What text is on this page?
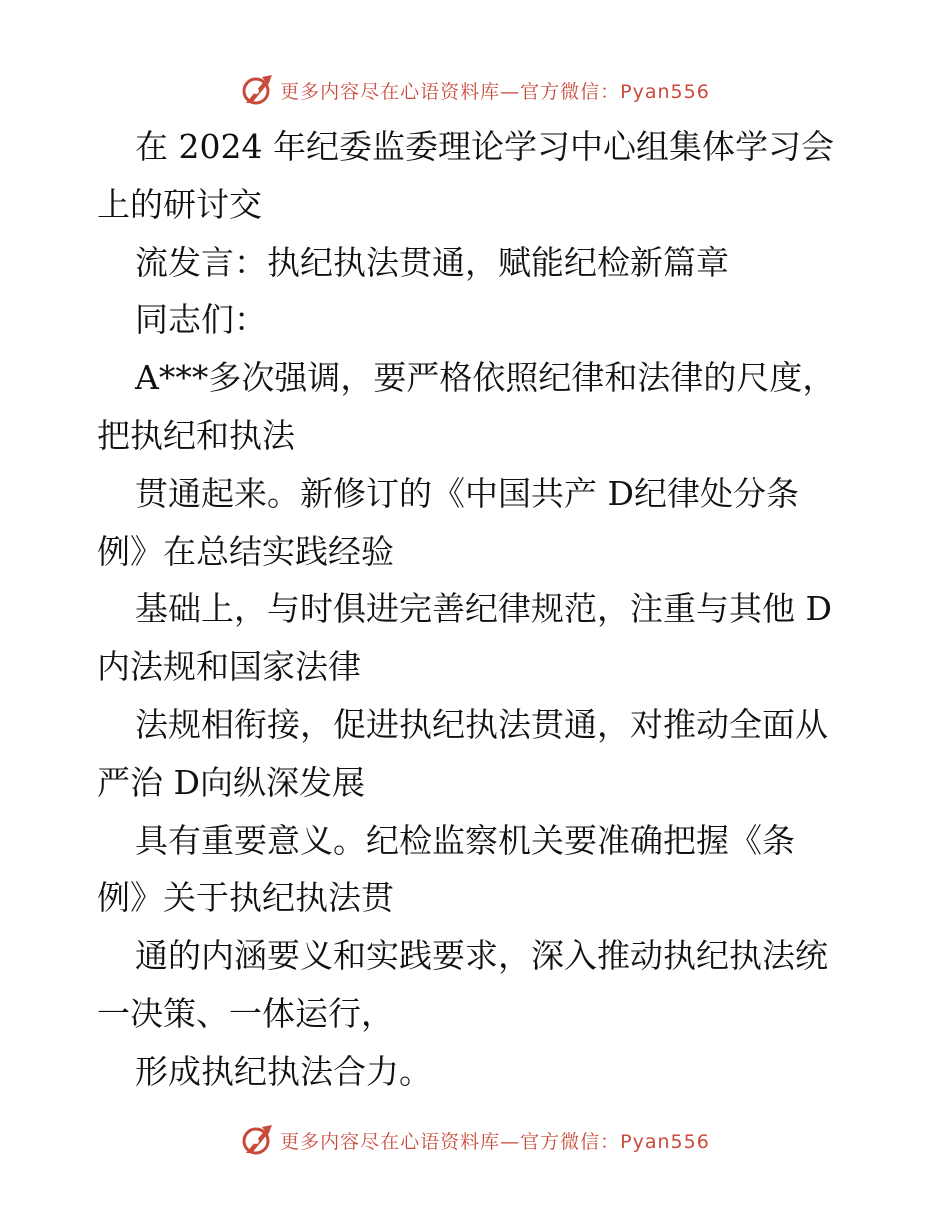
更多内容尽在心语资料库—官方微信：Pyan556
在 2024 年纪委监委理论学习中心组集体学习会
上的研讨交
流发言：执纪执法贯通，赋能纪检新篇章
同志们：
A***多次强调，要严格依照纪律和法律的尺度，
把执纪和执法
贯通起来。新修订的《中国共产 D纪律处分条
例》在总结实践经验
基础上，与时俱进完善纪律规范，注重与其他 D
内法规和国家法律
法规相衔接，促进执纪执法贯通，对推动全面从
严治 D向纵深发展
具有重要意义。纪检监察机关要准确把握《条
例》关于执纪执法贯
通的内涵要义和实践要求，深入推动执纪执法统
一决策、一体运行，
形成执纪执法合力。
更多内容尽在心语资料库—官方微信：Pyan556
